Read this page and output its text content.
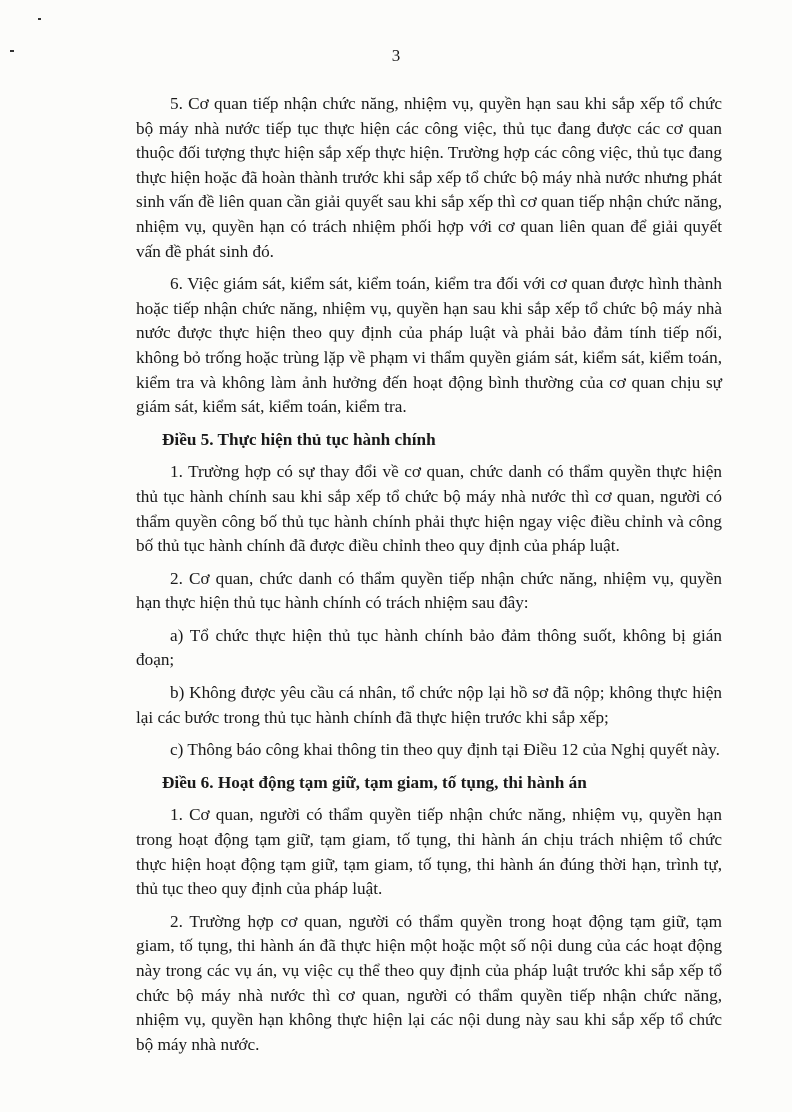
3

5. Cơ quan tiếp nhận chức năng, nhiệm vụ, quyền hạn sau khi sắp xếp tổ chức bộ máy nhà nước tiếp tục thực hiện các công việc, thủ tục đang được các cơ quan thuộc đối tượng thực hiện sắp xếp thực hiện. Trường hợp các công việc, thủ tục đang thực hiện hoặc đã hoàn thành trước khi sắp xếp tổ chức bộ máy nhà nước nhưng phát sinh vấn đề liên quan cần giải quyết sau khi sắp xếp thì cơ quan tiếp nhận chức năng, nhiệm vụ, quyền hạn có trách nhiệm phối hợp với cơ quan liên quan để giải quyết vấn đề phát sinh đó.

6. Việc giám sát, kiểm sát, kiểm toán, kiểm tra đối với cơ quan được hình thành hoặc tiếp nhận chức năng, nhiệm vụ, quyền hạn sau khi sắp xếp tổ chức bộ máy nhà nước được thực hiện theo quy định của pháp luật và phải bảo đảm tính tiếp nối, không bỏ trống hoặc trùng lặp về phạm vi thẩm quyền giám sát, kiểm sát, kiểm toán, kiểm tra và không làm ảnh hưởng đến hoạt động bình thường của cơ quan chịu sự giám sát, kiểm sát, kiểm toán, kiểm tra.

Điều 5. Thực hiện thủ tục hành chính

1. Trường hợp có sự thay đổi về cơ quan, chức danh có thẩm quyền thực hiện thủ tục hành chính sau khi sắp xếp tổ chức bộ máy nhà nước thì cơ quan, người có thẩm quyền công bố thủ tục hành chính phải thực hiện ngay việc điều chỉnh và công bố thủ tục hành chính đã được điều chỉnh theo quy định của pháp luật.

2. Cơ quan, chức danh có thẩm quyền tiếp nhận chức năng, nhiệm vụ, quyền hạn thực hiện thủ tục hành chính có trách nhiệm sau đây:

a) Tổ chức thực hiện thủ tục hành chính bảo đảm thông suốt, không bị gián đoạn;

b) Không được yêu cầu cá nhân, tổ chức nộp lại hồ sơ đã nộp; không thực hiện lại các bước trong thủ tục hành chính đã thực hiện trước khi sắp xếp;

c) Thông báo công khai thông tin theo quy định tại Điều 12 của Nghị quyết này.

Điều 6. Hoạt động tạm giữ, tạm giam, tố tụng, thi hành án

1. Cơ quan, người có thẩm quyền tiếp nhận chức năng, nhiệm vụ, quyền hạn trong hoạt động tạm giữ, tạm giam, tố tụng, thi hành án chịu trách nhiệm tổ chức thực hiện hoạt động tạm giữ, tạm giam, tố tụng, thi hành án đúng thời hạn, trình tự, thủ tục theo quy định của pháp luật.

2. Trường hợp cơ quan, người có thẩm quyền trong hoạt động tạm giữ, tạm giam, tố tụng, thi hành án đã thực hiện một hoặc một số nội dung của các hoạt động này trong các vụ án, vụ việc cụ thể theo quy định của pháp luật trước khi sắp xếp tổ chức bộ máy nhà nước thì cơ quan, người có thẩm quyền tiếp nhận chức năng, nhiệm vụ, quyền hạn không thực hiện lại các nội dung này sau khi sắp xếp tổ chức bộ máy nhà nước.
